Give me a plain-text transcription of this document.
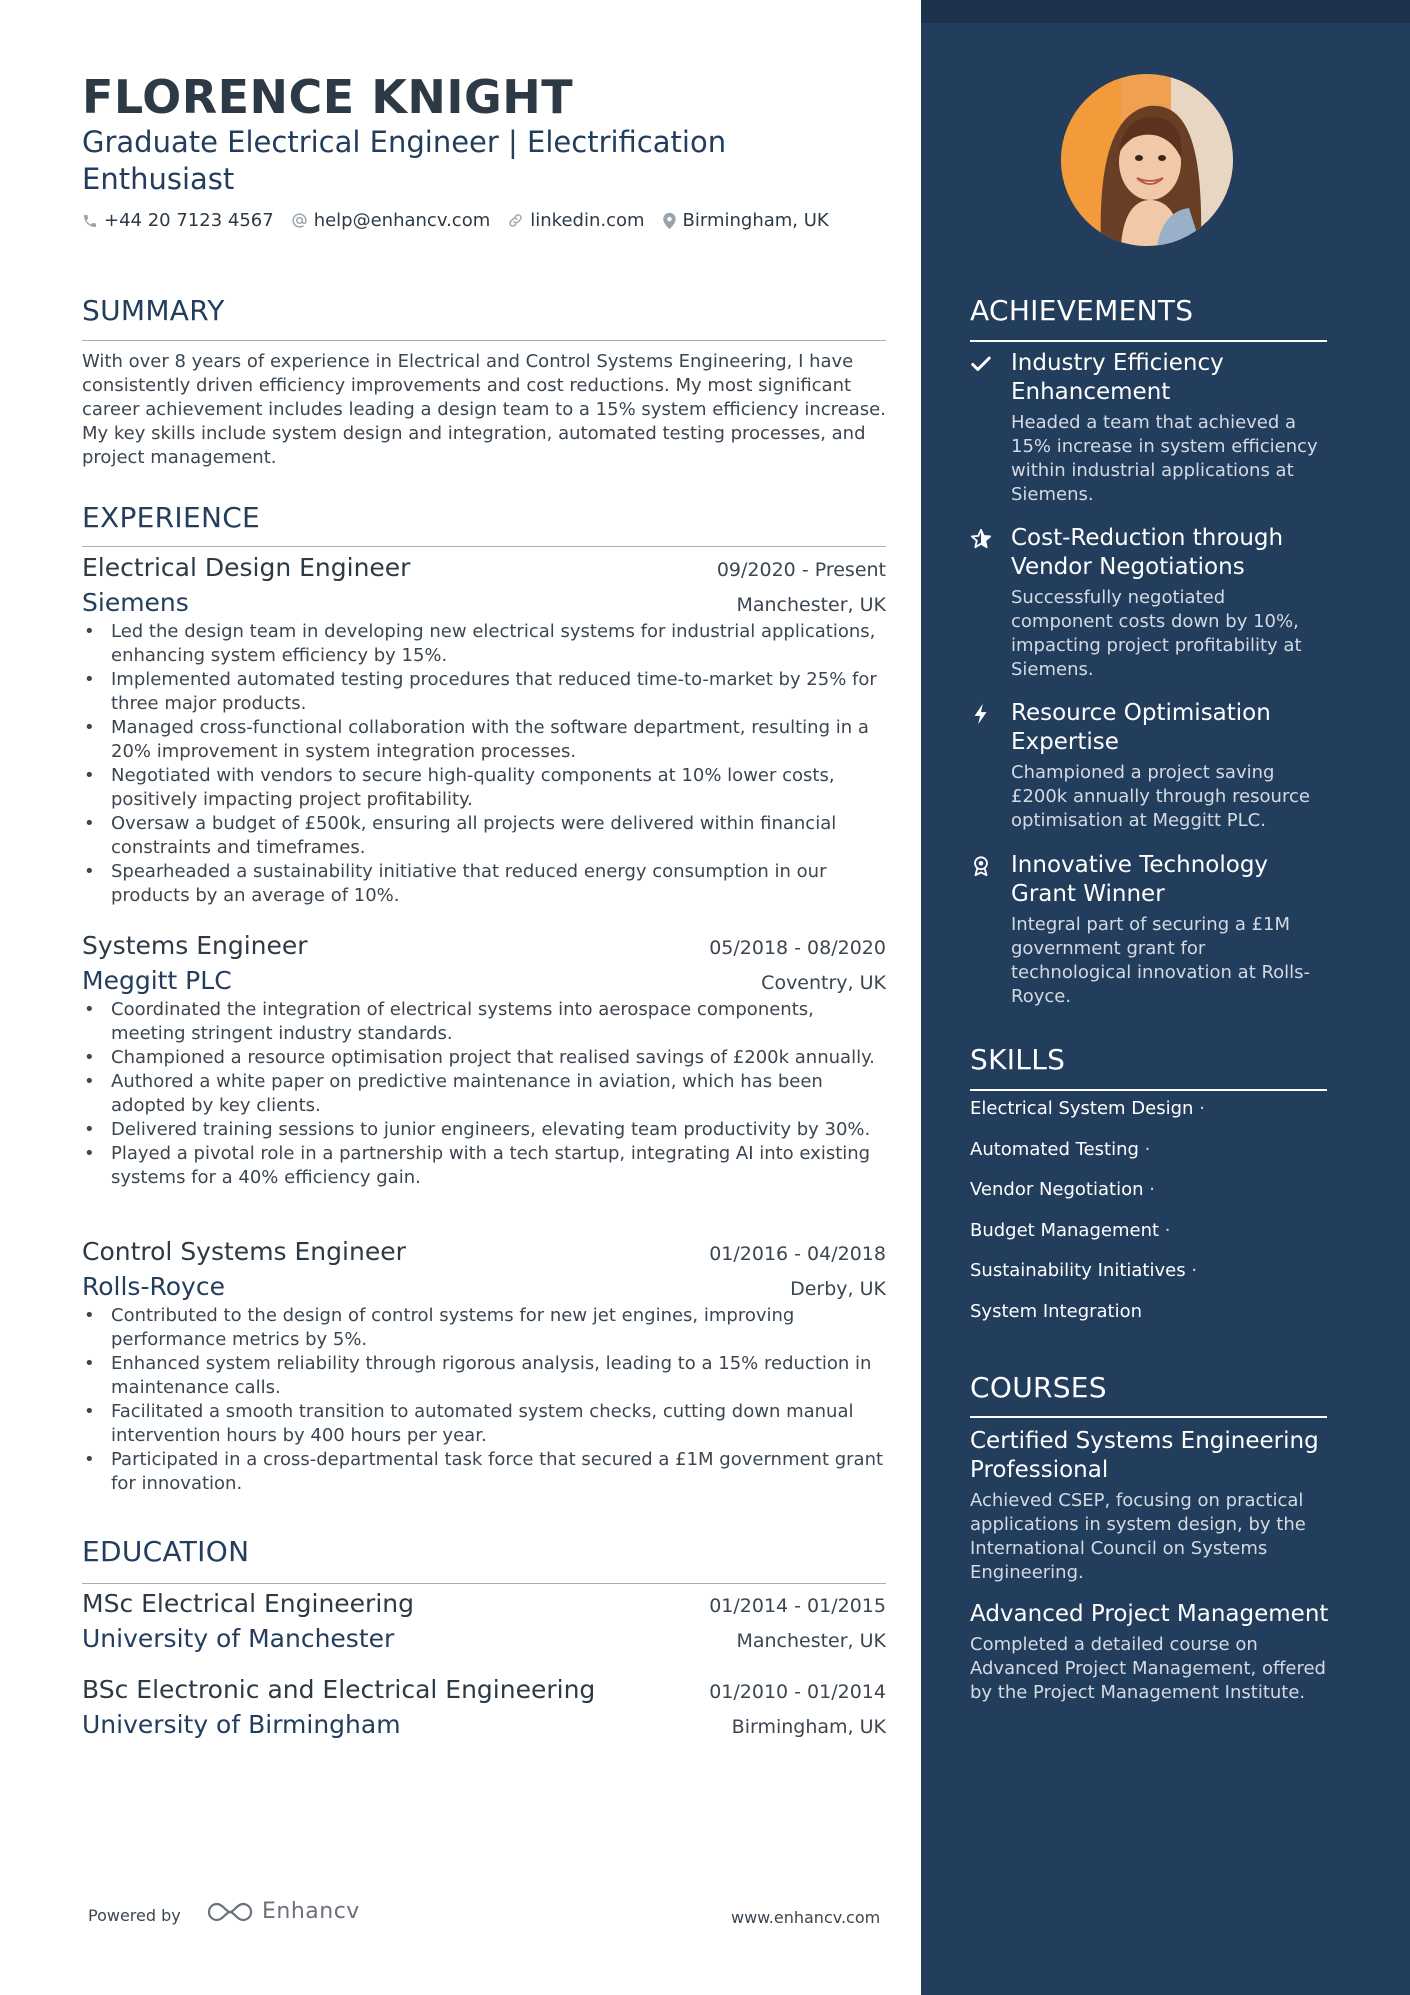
FLORENCE KNIGHT
Graduate Electrical Engineer | Electrification Enthusiast
+44 20 7123 4567 help@enhancv.com linkedin.com Birmingham, UK
SUMMARY
With over 8 years of experience in Electrical and Control Systems Engineering, I have consistently driven efficiency improvements and cost reductions. My most significant career achievement includes leading a design team to a 15% system efficiency increase. My key skills include system design and integration, automated testing processes, and project management.
EXPERIENCE
Electrical Design Engineer	09/2020 - Present
Siemens	Manchester, UK
• Led the design team in developing new electrical systems for industrial applications, enhancing system efficiency by 15%.
• Implemented automated testing procedures that reduced time-to-market by 25% for three major products.
• Managed cross-functional collaboration with the software department, resulting in a 20% improvement in system integration processes.
• Negotiated with vendors to secure high-quality components at 10% lower costs, positively impacting project profitability.
• Oversaw a budget of £500k, ensuring all projects were delivered within financial constraints and timeframes.
• Spearheaded a sustainability initiative that reduced energy consumption in our products by an average of 10%.
Systems Engineer	05/2018 - 08/2020
Meggitt PLC	Coventry, UK
• Coordinated the integration of electrical systems into aerospace components, meeting stringent industry standards.
• Championed a resource optimisation project that realised savings of £200k annually.
• Authored a white paper on predictive maintenance in aviation, which has been adopted by key clients.
• Delivered training sessions to junior engineers, elevating team productivity by 30%.
• Played a pivotal role in a partnership with a tech startup, integrating AI into existing systems for a 40% efficiency gain.
Control Systems Engineer	01/2016 - 04/2018
Rolls-Royce	Derby, UK
• Contributed to the design of control systems for new jet engines, improving performance metrics by 5%.
• Enhanced system reliability through rigorous analysis, leading to a 15% reduction in maintenance calls.
• Facilitated a smooth transition to automated system checks, cutting down manual intervention hours by 400 hours per year.
• Participated in a cross-departmental task force that secured a £1M government grant for innovation.
EDUCATION
MSc Electrical Engineering	01/2014 - 01/2015
University of Manchester	Manchester, UK
BSc Electronic and Electrical Engineering	01/2010 - 01/2014
University of Birmingham	Birmingham, UK
Powered by	Enhancv	www.enhancv.com
ACHIEVEMENTS
Industry Efficiency Enhancement
Headed a team that achieved a 15% increase in system efficiency within industrial applications at Siemens.
Cost-Reduction through Vendor Negotiations
Successfully negotiated component costs down by 10%, impacting project profitability at Siemens.
Resource Optimisation Expertise
Championed a project saving £200k annually through resource optimisation at Meggitt PLC.
Innovative Technology Grant Winner
Integral part of securing a £1M government grant for technological innovation at Rolls-Royce.
SKILLS
Electrical System Design ·
Automated Testing ·
Vendor Negotiation ·
Budget Management ·
Sustainability Initiatives ·
System Integration
COURSES
Certified Systems Engineering Professional
Achieved CSEP, focusing on practical applications in system design, by the International Council on Systems Engineering.
Advanced Project Management
Completed a detailed course on Advanced Project Management, offered by the Project Management Institute.
